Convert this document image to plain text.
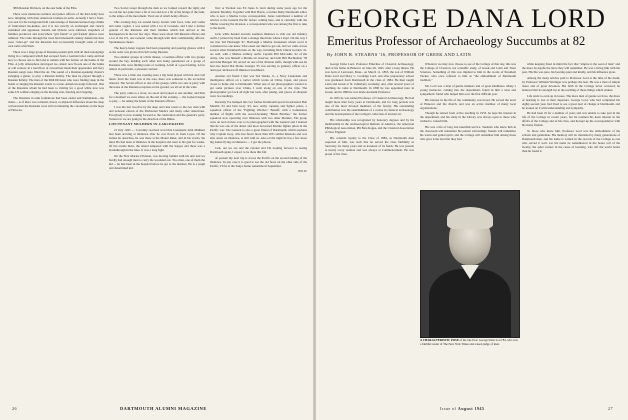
38th Russian Division, on the east bank of the Elbe.

There were numerous soldiers and junior officers of the Red Army here now, mingling with their American brothers-in-arms. Actually I had a front-row seat for the background hall a knowledge of Russian learned large drinks of fruitcomed ms-kumsa, and it is not exactly an exchanged and clearly examined and appraised, medals and ribbons were admired, snapshots of families produced, and everywhere "girl friend" or girl friends' photos were admired. The radio through the town had nineteenth century Americans here were "tabor-go" and the Russians had occasionally brought some of their own radio with them.

There was a large group of Russian peasant girls with all their belongings living in a compound which had escaped from a German labor camp and had now to choose one to find and to remain with her former on the banks of the Elbe. A jolly atmosphere developed too, music now floods one of the banks or odd corners; in a loud flow of concertinas made their appearance and fiery Russian songs were filled the air. The sound of a Russian-speaking chorus's swinging a guitar, to play a Russian lullaby. The men he played through a Russian lullaby. The men of the 69th Division who were finding sleep in the bands or singing the Russian words to a tune. American songs followed. One of the Russians whom he had been to visiting for a good while now was some US soldiers singing on the moving side, dancing and clapping.

The Russians in tank formations had been ended and Kummando—the ticket— as if there was a mental, moral, or physical difference about the deep conversation the Russians were still accentuating the colonelians on the hope of Holocau.

Two Soviet swept through the dark as we formed toward the right; and we ran but not quite; here a bit of rest and now a bit of the bridge of the fault, to the tempo of the movement. Tired out of small Army officers.

This evening they sat around heavy barrels with food, wine and vodka and some cognac. I was seated with a lot of Colonels, and I met a former general of the Russians and their families which had arrived at the headquarters in the last few days. There were about 100 Russian officers and a lot of the US, one General came through with their commanding officers. Spontaneous cheers.

The heavy-laden wagons had been preparing and pouring glasses with it as the order was given all in full swing Russian.

Two smaller groups in a little theater, a German officer with two groups around the bay, kidding each other and being questioned on a group of Russians who were finding toasts or working. A hell of a good feeling. A few talkers in particular, a pleasant contrast.

There was a little one evening, here a big band played with hot and cold music from the band was at the area, there was someone to the accordion cheered. The Soviet officer at one of the groups, while two sets at party with the noise of the Russian reception on the ground, we all sat in the wine.

The party came to a close; we stood and looked at one another; and then for a moment we were silent. At the end of the evening — the General began to play — he taking the hands of the Russian officers.

I was the last two-five by the deep and clear toasts to the two men with and between eleven of the Divisional Medics and many other Americans. Everybody is now looking forward to the celebration and the general's party. Tomorrow we are going in the direction of the Rhine.

LIEUTENANT MULHERN IN-CARCERATED

21 July 1945 — I recently received word that Lieutenant John Mulhern had been arriving at Okinawa after he was flown in from Leyte. Of the battles he describes, he was there at the Mount Ruler, and in his words, the mud. He had been at Okinawa in the hospital and went to his gun for weeks. Of the events there, the island tempered with the Sapper and there was a breakthrough in the lines. It was a long fight.

On the First Marine Division, was moving behind with his unit and we hardly had enough men to carry the wounded out. Two men, one of them the kid ... he had been in the hospital before he got to the marines. He is a tough and determined kid.

Text or Tiernan was Ed Jones Jr. born during some years ago for the Atlantic Monthly. Together with Bob Harris, a former Daily Dartmouth editor who is now a Marine Corps correspondent, Jones contributed a number of articles to the General Pacific before coming here, and is currently with the Shima covering the invasion, a correspondent who was among the first to take to the beach.

Jack, while headed towards southern Okinawa to visit our old infantry outfit, I picked my head from a strange mud hole where I slept. On the way I ran into Ted Horbaugh '47, Horbaugh a Marine Lieutenant whom word is considered no one knew. That eased our mind to get out, and we came across several other Dartmouth men on the way, including Dick Chuck Gordon '41. As well, with a Marine artillery outfit. Captain Bill McCaskle '42 of the Army, who was himself a Marine air observer, and both Bill Hochleitner '38 and John Heisgen '40, served on one of the division staffs, though with one he had also heard that Monte Granger '35 was serving as gunnery officer on a destroyer anchored off Okinawa beachhead.

Another old friend I met was Ted Weeks, Jr., a Navy Lieutenant and intelligence officer on a carrier which works on China, Japan, and places closer to home and to Dartmouth. When one of our photographers wanted to get some pictures over China, I went along on one of the trips. The photographer got back all right but took, after joking, and pieces of shrapnel were two landings.

Recently I've bumped into two former Dartmouth sports broadcasters Bob Mestlin '43 and Don Gray '43, now Army captains and fighter pilots, a squadron officer of the "Fighting Witches." Bestaff, with a tremendous number of flights with the record-breaking "Black Batches," the former squadron now operating over Okinawa with two other Marines. The group were on and on here over to be photographed with the General and I learned that he was one of the ablest and most decorated Marine fighter pilots in the Pacific war. The General is also a great friend of Dartmouth, which explains why Captain Gray, who has flown more than 200 combat missions and was shot down on Okinawa, is still with us. Also on the night he has a few more big names flying on Okinawa — I got the photos.

Jack, out we are and the colonel and I'm looking forward to seeing Dartmouth again, I expect to be there this fall.

At present my next trip is across the Pacific on the second landing of the Okinawa. In any case it is good to see the old faces on the other side of the Pacific, I'll be at the Tokyo home sometime in September.

H.E.W.

26	DARTMOUTH ALUMNI MAGAZINE
GEORGE DANA LORD
Emeritus Professor of Archaeology Succumbs at 82
By JOHN B. STEARNS '16, PROFESSOR OF GREEK AND LATIN

George Dana Lord, Professor Emeritus of Classical Archaeology, died at his home in Hanover on June 29, 1945, after a long illness. He was born at Lancaster, Mass., on March 11, 1863, the son of William Dana Lord and Mary C. Coolidge Lord, and after preparatory school was graduated from Dartmouth in the class of 1884. He then taught Latin and Greek at St. Johnsbury Academy, and, after several years of teaching, he came to Dartmouth. In 1890 he was appointed tutor in Greek, and in 1896 he was made Assistant Professor.

In 1925 he was named Professor of Classical Archaeology. He had taught more than forty years at Dartmouth, and for long periods was one of the most devoted members of the faculty. His outstanding contribution was the establishment of a course in classical archaeology and the development of the College's collection of ancient art.

His scholarship was recognized by honorary degrees and by his membership in the Archaeological Institute of America, the American Philological Association, Phi Beta Kappa, and the Classical Association of New England.

His constant loyalty to the Class of 1884, as Dartmouth men expected of him, was such that he served the class faithfully as Secretary for many years and as treasurer of its funds. He was present at nearly every reunion and was always at Commencement. He was proud of his class.

Whatever we may now choose to see of the College of that day, this was the College of Classical, not scientific study, of Greek and Latin and Truer Sciences. Something of this was implied to him in the words of President Tucker, who once referred to him as "the embodiment of Dartmouth tradition."

Mr. Lord was a man of gentle manners and of great kindliness. Many a young instructor, coming into the department, found in him a wise and sympathetic friend who helped him over the first difficult year.

His interest in the life of the community was broad. He served the town of Hanover and the church, and was an active member of many local organizations.

Though he retired from active teaching in 1933, he kept his interest in the department, and his study in the Library was always open to those who wished to consult him.

His was a life of long and unselfish service. Students who knew him in the classroom will remember his patient scholarship; friends will remember his warm and genial spirit, and the College will remember him among those who gave it the best that they had.

A CHARACTERISTIC POSE of the late Prof. George Dana Lord '84, who was a faithful reader of The New York Times and a keen judge of men.

while keeping fixed in mind the fact that "empire is the seed of man" and the more its depths the more they will remember. He was a living link with the past. His life was pure, his bearing quiet and kindly, and his influence great.

Among the many articles paid to Professor Lord at the time of his death, by Professor William Wirtinger was perhaps the best. He was a man of simple tastes and of great devotion. His faith in the College never wavered; he believed that its strength lay in the teaching of those things which endure.

Life tends to even up in losses. The more men of genius we have, the more of learning is lost at their departure. George Lord, who had completed his eighty-second year, had lived to see a great deal of change at Dartmouth, and he looked on it with understanding and sympathy.

He had been ill for a number of years and was unable to take part in the life of the College in recent years, but he retained his keen interest in the affairs of the College and of his class, and he kept up his correspondence with his many friends.

To those who knew him, Professor Lord was the embodiment of the scholar and gentleman. His memory will be cherished by many generations of Dartmouth men, and his name is written in the records of the College as one who served it well. Let his name be remembered in the honor roll of the faculty, the quiet worker in the cause of learning, who left the world better than he found it.

Issue of August 1945	27
